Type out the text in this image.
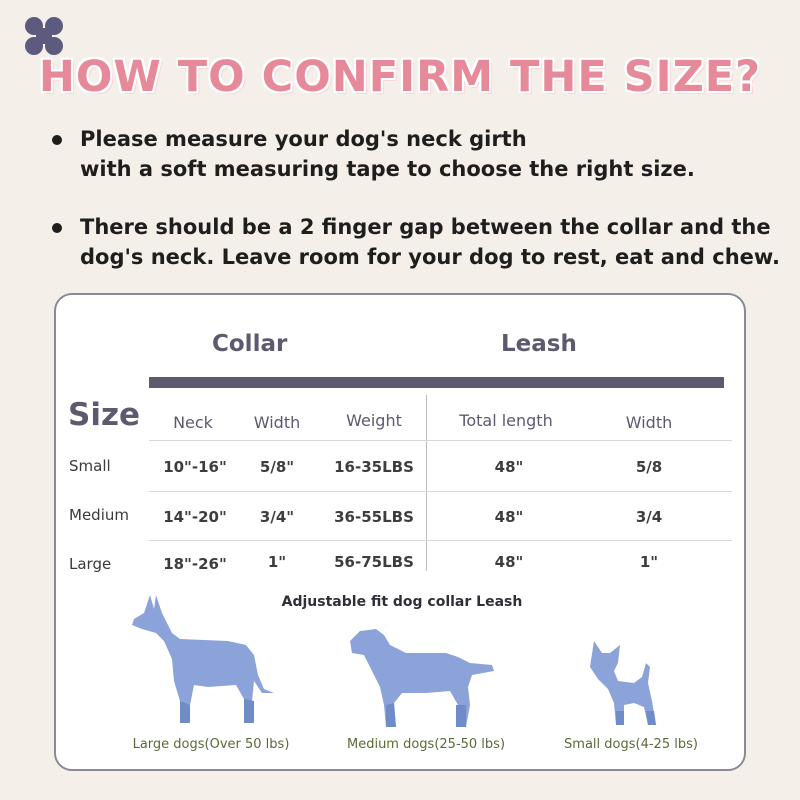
HOW TO CONFIRM THE SIZE?
Please measure your dog's neck girth
with a soft measuring tape to choose the right size.
There should be a 2 finger gap between the collar and the
dog's neck. Leave room for your dog to rest, eat and chew.
Collar	Leash
Size	Neck	Width	Weight	Total length	Width
Small	10"-16"	5/8"	16-35LBS	48"	5/8
Medium	14"-20"	3/4"	36-55LBS	48"	3/4
Large	18"-26"	1"	56-75LBS	48"	1"
Adjustable fit dog collar Leash
Large dogs(Over 50 lbs)	Medium dogs(25-50 lbs)	Small dogs(4-25 lbs)
